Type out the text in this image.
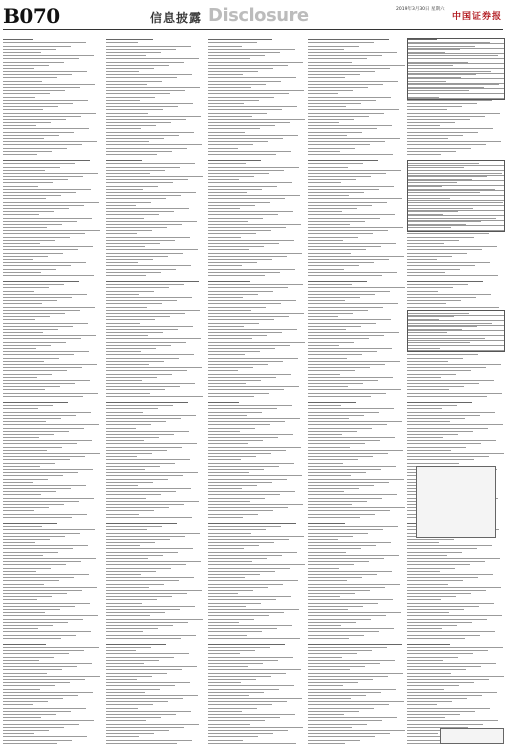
B070	信息披露 Disclosure	2019年3月30日 星期六
中国证券报
